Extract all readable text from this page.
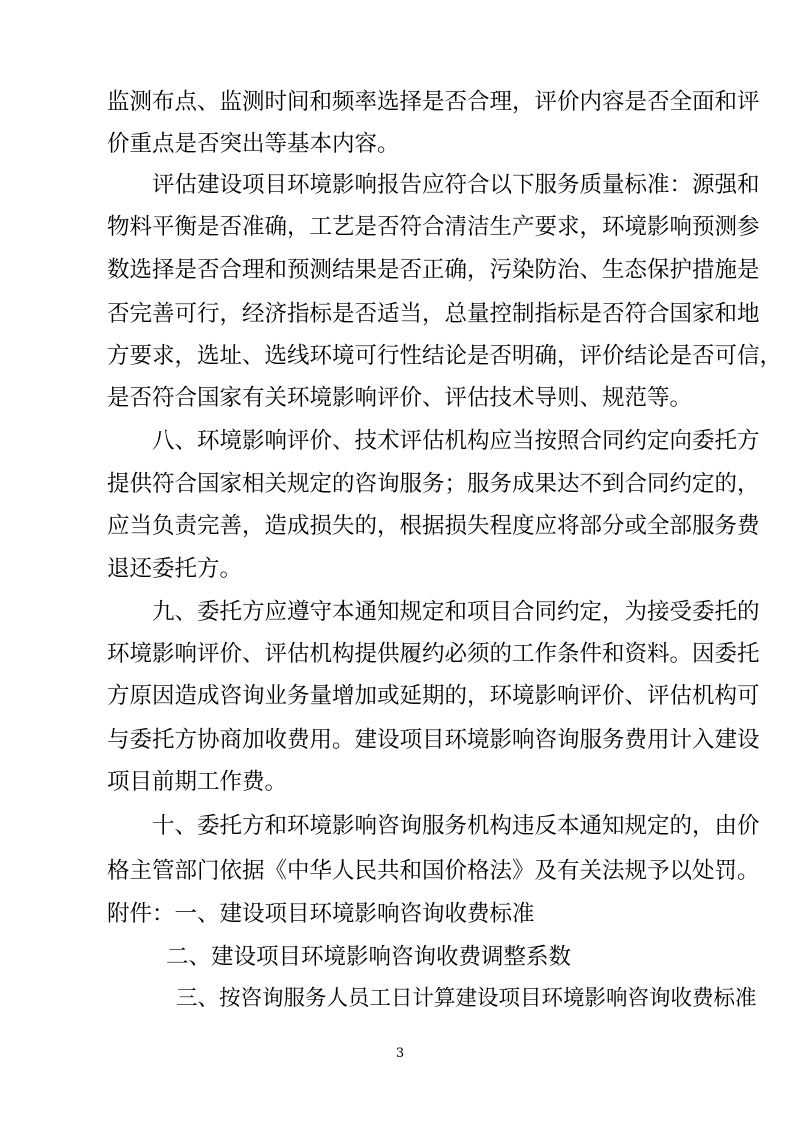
监测布点、监测时间和频率选择是否合理，评价内容是否全面和评
价重点是否突出等基本内容。
评估建设项目环境影响报告应符合以下服务质量标准：源强和
物料平衡是否准确，工艺是否符合清洁生产要求，环境影响预测参
数选择是否合理和预测结果是否正确，污染防治、生态保护措施是
否完善可行，经济指标是否适当，总量控制指标是否符合国家和地
方要求，选址、选线环境可行性结论是否明确，评价结论是否可信，
是否符合国家有关环境影响评价、评估技术导则、规范等。
八、环境影响评价、技术评估机构应当按照合同约定向委托方
提供符合国家相关规定的咨询服务；服务成果达不到合同约定的，
应当负责完善，造成损失的，根据损失程度应将部分或全部服务费
退还委托方。
九、委托方应遵守本通知规定和项目合同约定，为接受委托的
环境影响评价、评估机构提供履约必须的工作条件和资料。因委托
方原因造成咨询业务量增加或延期的，环境影响评价、评估机构可
与委托方协商加收费用。建设项目环境影响咨询服务费用计入建设
项目前期工作费。
十、委托方和环境影响咨询服务机构违反本通知规定的，由价
格主管部门依据《中华人民共和国价格法》及有关法规予以处罚。
附件：一、建设项目环境影响咨询收费标准
二、建设项目环境影响咨询收费调整系数
三、按咨询服务人员工日计算建设项目环境影响咨询收费标准
3
